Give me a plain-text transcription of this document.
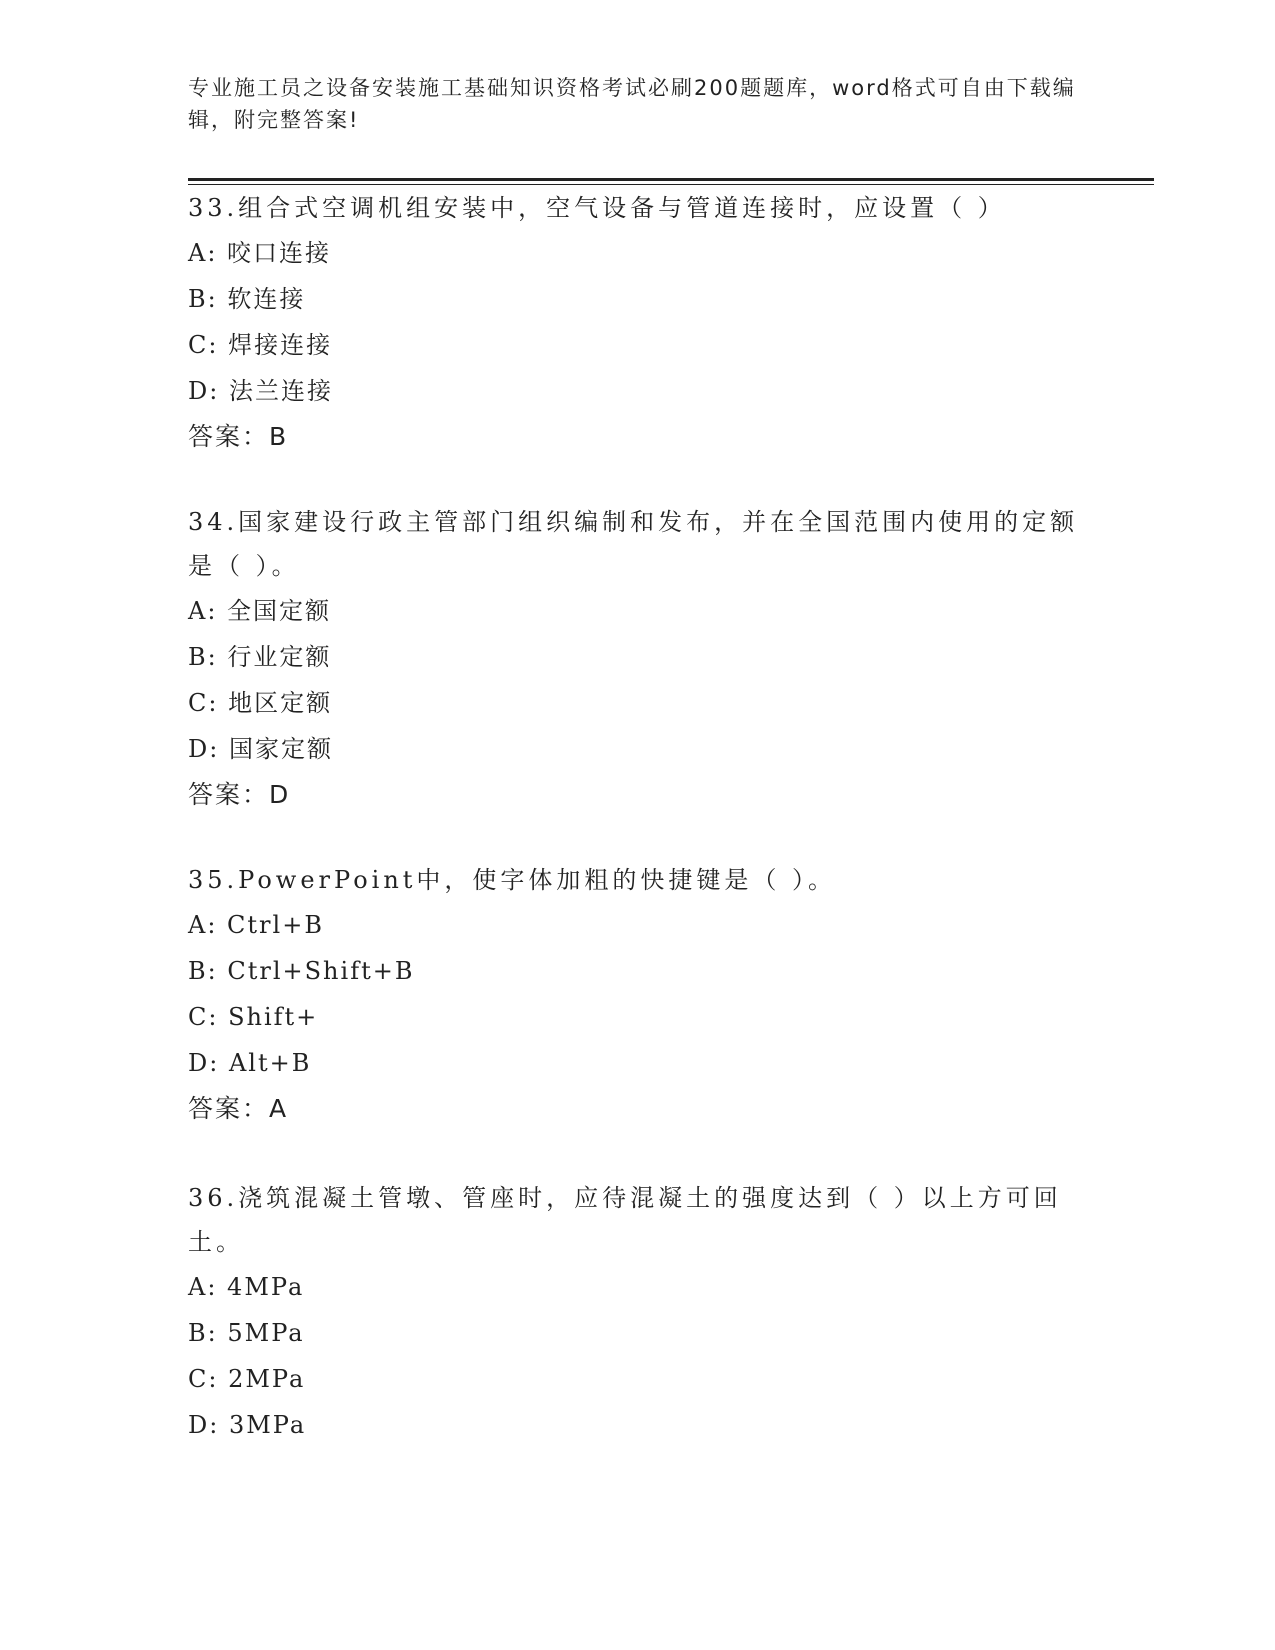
专业施工员之设备安装施工基础知识资格考试必刷200题题库，word格式可自由下载编辑，附完整答案!

33.组合式空调机组安装中，空气设备与管道连接时，应设置（ ）

A: 咬口连接

B: 软连接

C: 焊接连接

D: 法兰连接

答案：B

34.国家建设行政主管部门组织编制和发布，并在全国范围内使用的定额是（ ）。

A: 全国定额

B: 行业定额

C: 地区定额

D: 国家定额

答案：D

35.PowerPoint中，使字体加粗的快捷键是（ ）。

A: Ctrl+B

B: Ctrl+Shift+B

C: Shift+

D: Alt+B

答案：A

36.浇筑混凝土管墩、管座时，应待混凝土的强度达到（ ）以上方可回土。

A: 4MPa

B: 5MPa

C: 2MPa

D: 3MPa
